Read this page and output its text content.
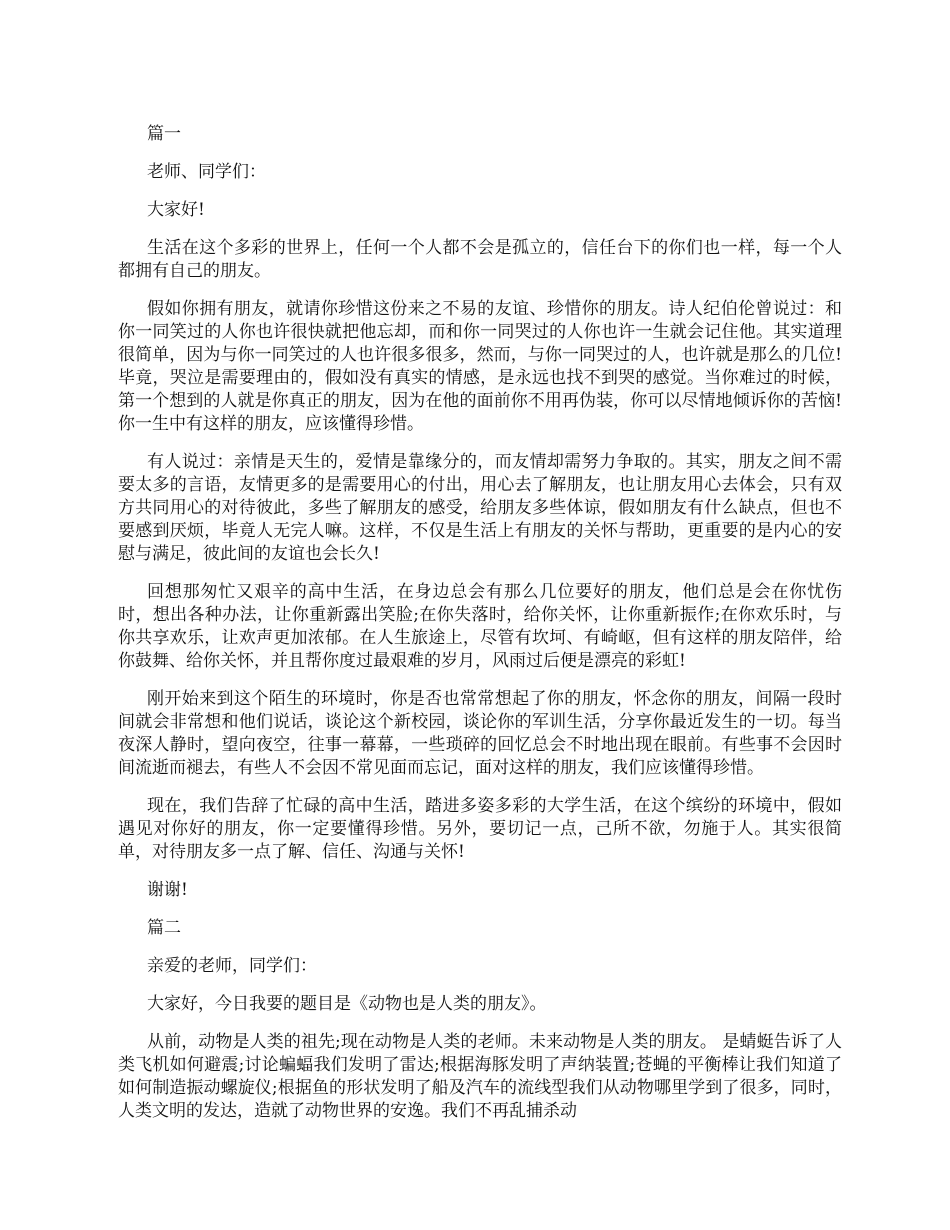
篇一

老师、同学们：

大家好!

生活在这个多彩的世界上，任何一个人都不会是孤立的，信任台下的你们也一样，每一个人都拥有自己的朋友。

假如你拥有朋友，就请你珍惜这份来之不易的友谊、珍惜你的朋友。诗人纪伯伦曾说过：和你一同笑过的人你也许很快就把他忘却，而和你一同哭过的人你也许一生就会记住他。其实道理很简单，因为与你一同笑过的人也许很多很多，然而，与你一同哭过的人，也许就是那么的几位!毕竟，哭泣是需要理由的，假如没有真实的情感，是永远也找不到哭的感觉。当你难过的时候，第一个想到的人就是你真正的朋友，因为在他的面前你不用再伪装，你可以尽情地倾诉你的苦恼!你一生中有这样的朋友，应该懂得珍惜。

有人说过：亲情是天生的，爱情是靠缘分的，而友情却需努力争取的。其实，朋友之间不需要太多的言语，友情更多的是需要用心的付出，用心去了解朋友，也让朋友用心去体会，只有双方共同用心的对待彼此，多些了解朋友的感受，给朋友多些体谅，假如朋友有什么缺点，但也不要感到厌烦，毕竟人无完人嘛。这样，不仅是生活上有朋友的关怀与帮助，更重要的是内心的安慰与满足，彼此间的友谊也会长久!

回想那匆忙又艰辛的高中生活，在身边总会有那么几位要好的朋友，他们总是会在你忧伤时，想出各种办法，让你重新露出笑脸;在你失落时，给你关怀，让你重新振作;在你欢乐时，与你共享欢乐，让欢声更加浓郁。在人生旅途上，尽管有坎坷、有崎岖，但有这样的朋友陪伴，给你鼓舞、给你关怀，并且帮你度过最艰难的岁月，风雨过后便是漂亮的彩虹!

刚开始来到这个陌生的环境时，你是否也常常想起了你的朋友，怀念你的朋友，间隔一段时间就会非常想和他们说话，谈论这个新校园，谈论你的军训生活，分享你最近发生的一切。每当夜深人静时，望向夜空，往事一幕幕，一些琐碎的回忆总会不时地出现在眼前。有些事不会因时间流逝而褪去，有些人不会因不常见面而忘记，面对这样的朋友，我们应该懂得珍惜。

现在，我们告辞了忙碌的高中生活，踏进多姿多彩的大学生活，在这个缤纷的环境中，假如遇见对你好的朋友，你一定要懂得珍惜。另外，要切记一点，己所不欲，勿施于人。其实很简单，对待朋友多一点了解、信任、沟通与关怀!

谢谢!

篇二

亲爱的老师，同学们：

大家好，今日我要的题目是《动物也是人类的朋友》。

从前，动物是人类的祖先;现在动物是人类的老师。未来动物是人类的朋友。 是蜻蜓告诉了人类飞机如何避震;讨论蝙蝠我们发明了雷达;根据海豚发明了声纳装置;苍蝇的平衡棒让我们知道了如何制造振动螺旋仪;根据鱼的形状发明了船及汽车的流线型我们从动物哪里学到了很多，同时，人类文明的发达，造就了动物世界的安逸。我们不再乱捕杀动
